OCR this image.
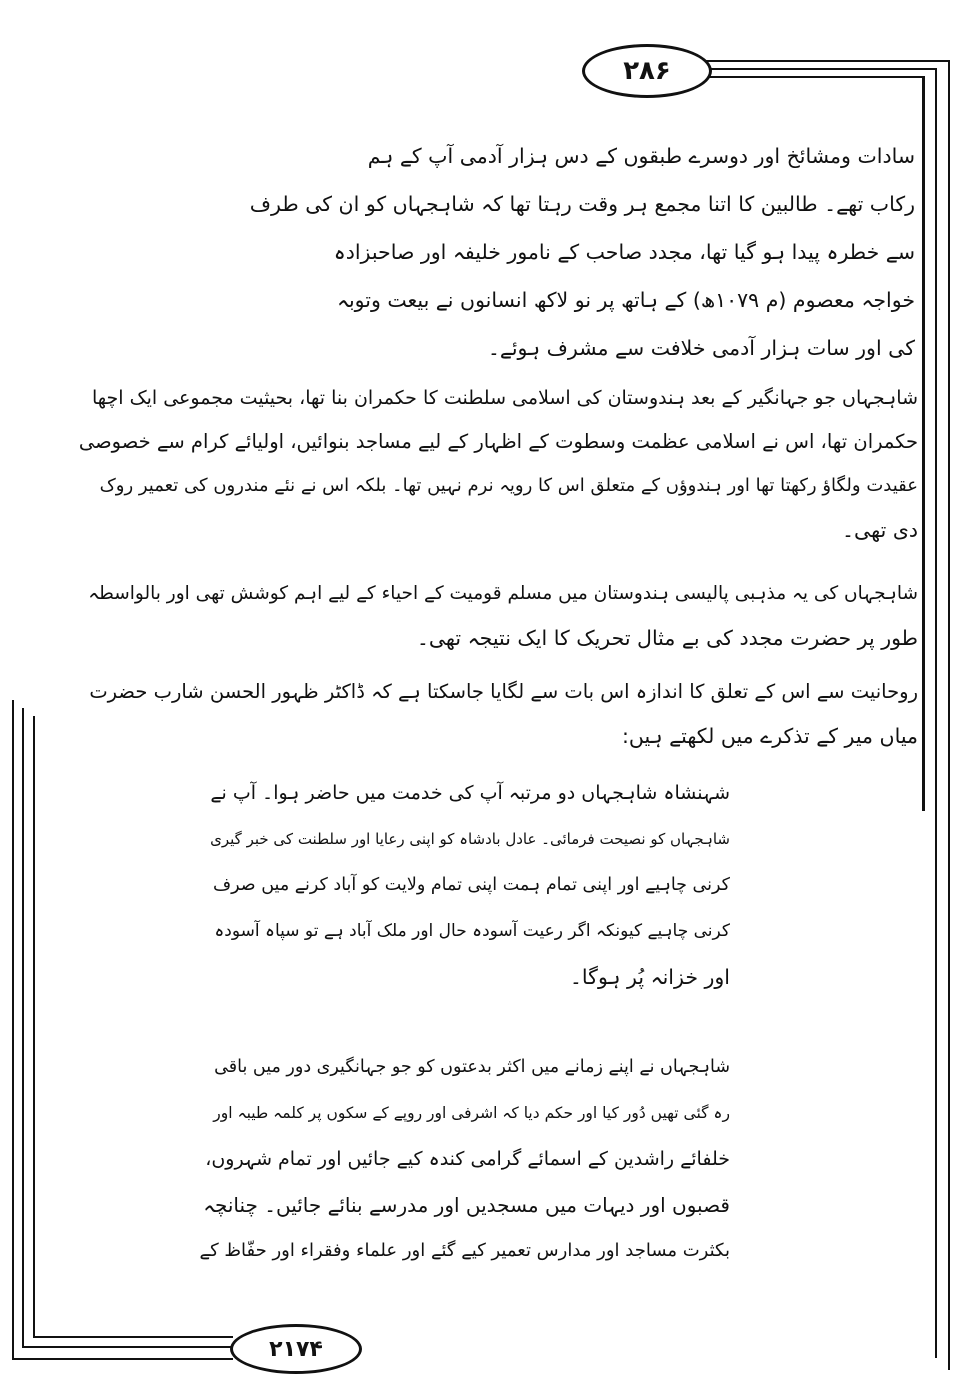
۲۸۶
۲۱۷۴
سادات ومشائخ اور دوسرے طبقوں کے دس ہزار آدمی آپ کے ہم
رکاب تھے۔ طالبین کا اتنا مجمع ہر وقت رہتا تھا کہ شاہجہاں کو ان کی طرف
سے خطرہ پیدا ہو گیا تھا، مجدد صاحب کے نامور خلیفہ اور صاحبزادہ
خواجہ معصوم (م ۱۰۷۹ھ) کے ہاتھ پر نو لاکھ انسانوں نے بیعت وتوبہ
کی اور سات ہزار آدمی خلافت سے مشرف ہوئے۔
شاہجہاں جو جہانگیر کے بعد ہندوستان کی اسلامی سلطنت کا حکمران بنا تھا، بحیثیت مجموعی ایک اچھا
حکمران تھا، اس نے اسلامی عظمت وسطوت کے اظہار کے لیے مساجد بنوائیں، اولیائے کرام سے خصوصی
عقیدت ولگاؤ رکھتا تھا اور ہندوؤں کے متعلق اس کا رویہ نرم نہیں تھا۔ بلکہ اس نے نئے مندروں کی تعمیر روک
دی تھی۔
شاہجہاں کی یہ مذہبی پالیسی ہندوستان میں مسلم قومیت کے احیاء کے لیے اہم کوشش تھی اور بالواسطہ
طور پر حضرت مجدد کی بے مثال تحریک کا ایک نتیجہ تھی۔
روحانیت سے اس کے تعلق کا اندازہ اس بات سے لگایا جاسکتا ہے کہ ڈاکٹر ظہور الحسن شارب حضرت
میاں میر کے تذکرے میں لکھتے ہیں:
شہنشاہ شاہجہاں دو مرتبہ آپ کی خدمت میں حاضر ہوا۔ آپ نے
شاہجہاں کو نصیحت فرمائی۔ عادل بادشاہ کو اپنی رعایا اور سلطنت کی خبر گیری
کرنی چاہیے اور اپنی تمام ہمت اپنی تمام ولایت کو آباد کرنے میں صرف
کرنی چاہیے کیونکہ اگر رعیت آسودہ حال اور ملک آباد ہے تو سپاہ آسودہ
اور خزانہ پُر ہوگا۔
شاہجہاں نے اپنے زمانے میں اکثر بدعتوں کو جو جہانگیری دور میں باقی
رہ گئی تھیں دُور کیا اور حکم دیا کہ اشرفی اور روپے کے سکوں پر کلمہ طیبہ اور
خلفائے راشدین کے اسمائے گرامی کندہ کیے جائیں اور تمام شہروں،
قصبوں اور دیہات میں مسجدیں اور مدرسے بنائے جائیں۔ چنانچہ
بکثرت مساجد اور مدارس تعمیر کیے گئے اور علماء وفقراء اور حفّاظ کے
